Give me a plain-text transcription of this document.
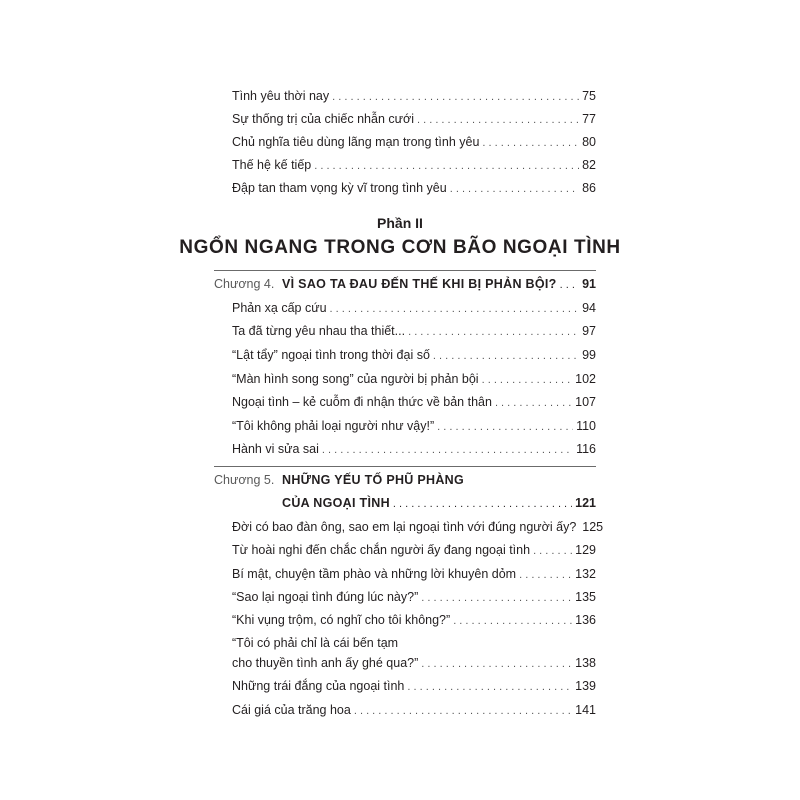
Tình yêu thời nay . . .	75
Sự thống trị của chiếc nhẫn cưới . . .	77
Chủ nghĩa tiêu dùng lãng mạn trong tình yêu . . .	80
Thế hệ kế tiếp . . .	82
Đập tan tham vọng kỳ vĩ trong tình yêu . . .	86
Phần II
NGỔN NGANG TRONG CƠN BÃO NGOẠI TÌNH
Chương 4. VÌ SAO TA ĐAU ĐẾN THẾ KHI BỊ PHẢN BỘI? . . . 91
Phản xạ cấp cứu . . .	94
Ta đã từng yêu nhau tha thiết... . . .	97
“Lật tẩy” ngoại tình trong thời đại số . . .	99
“Màn hình song song” của người bị phản bội . . .	102
Ngoại tình – kẻ cuỗm đi nhận thức về bản thân . . .	107
“Tôi không phải loại người như vậy!” . . .	110
Hành vi sửa sai . . .	116
Chương 5. NHỮNG YẾU TỐ PHŨ PHÀNG
CỦA NGOẠI TÌNH . . .	121
Đời có bao đàn ông, sao em lại ngoại tình với đúng người ấy? 125
Từ hoài nghi đến chắc chắn người ấy đang ngoại tình . . .	129
Bí mật, chuyện tầm phào và những lời khuyên dỏm . . .	132
“Sao lại ngoại tình đúng lúc này?” . . .	135
“Khi vụng trộm, có nghĩ cho tôi không?” . . .	136
“Tôi có phải chỉ là cái bến tạm
cho thuyền tình anh ấy ghé qua?” . . .	138
Những trái đắng của ngoại tình . . .	139
Cái giá của trăng hoa . . .	141
